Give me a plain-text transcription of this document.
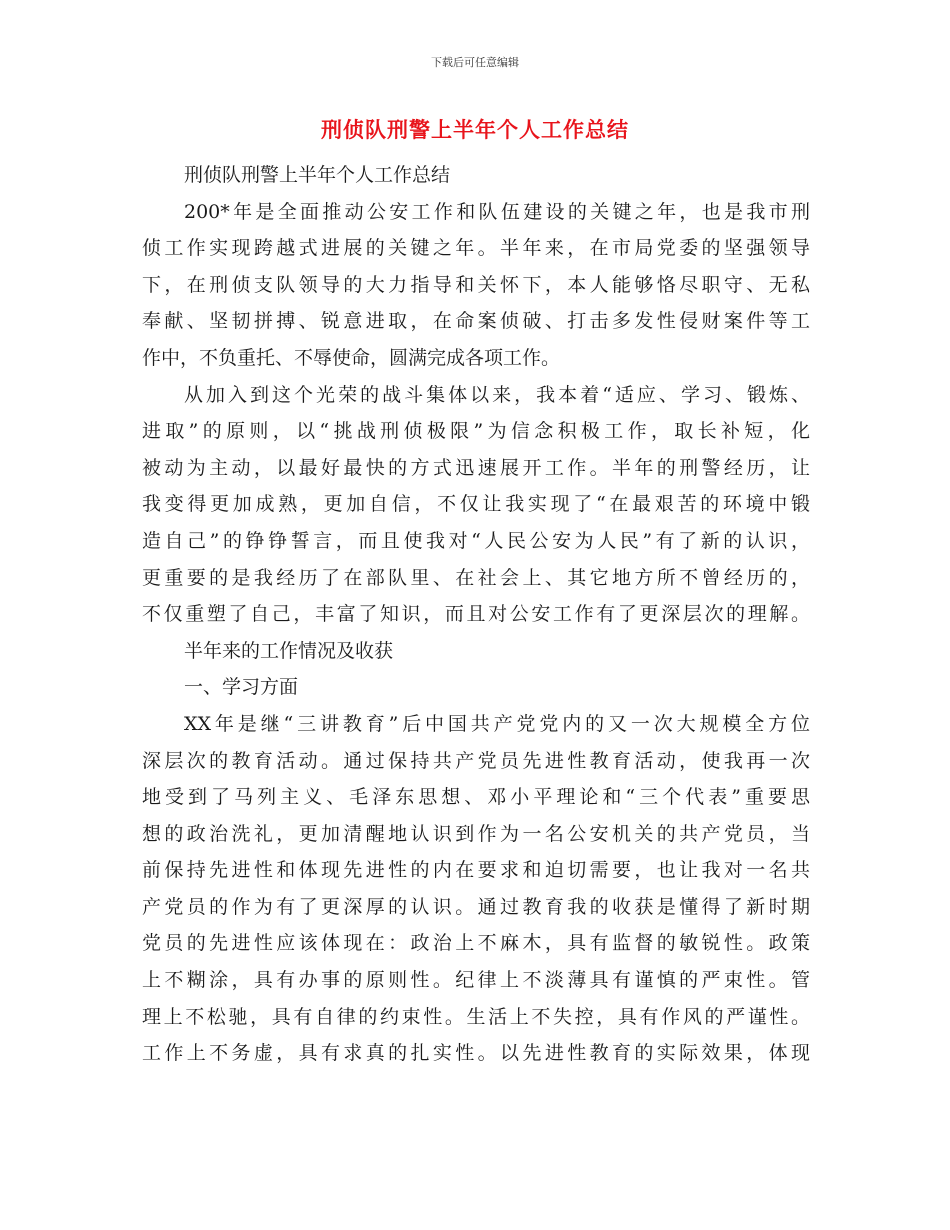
下载后可任意编辑
刑侦队刑警上半年个人工作总结
刑侦队刑警上半年个人工作总结
200*年是全面推动公安工作和队伍建设的关键之年，也是我市刑
侦工作实现跨越式进展的关键之年。半年来，在市局党委的坚强领导
下，在刑侦支队领导的大力指导和关怀下，本人能够恪尽职守、无私
奉献、坚韧拼搏、锐意进取，在命案侦破、打击多发性侵财案件等工
作中，不负重托、不辱使命，圆满完成各项工作。
从加入到这个光荣的战斗集体以来，我本着“适应、学习、锻炼、
进取”的原则，以“挑战刑侦极限”为信念积极工作，取长补短，化
被动为主动，以最好最快的方式迅速展开工作。半年的刑警经历，让
我变得更加成熟，更加自信，不仅让我实现了“在最艰苦的环境中锻
造自己”的铮铮誓言，而且使我对“人民公安为人民”有了新的认识，
更重要的是我经历了在部队里、在社会上、其它地方所不曾经历的，
不仅重塑了自己，丰富了知识，而且对公安工作有了更深层次的理解。
半年来的工作情况及收获
一、学习方面
XX年是继“三讲教育”后中国共产党党内的又一次大规模全方位
深层次的教育活动。通过保持共产党员先进性教育活动，使我再一次
地受到了马列主义、毛泽东思想、邓小平理论和“三个代表”重要思
想的政治洗礼，更加清醒地认识到作为一名公安机关的共产党员，当
前保持先进性和体现先进性的内在要求和迫切需要，也让我对一名共
产党员的作为有了更深厚的认识。通过教育我的收获是懂得了新时期
党员的先进性应该体现在：政治上不麻木，具有监督的敏锐性。政策
上不糊涂，具有办事的原则性。纪律上不淡薄具有谨慎的严束性。管
理上不松驰，具有自律的约束性。生活上不失控，具有作风的严谨性。
工作上不务虚，具有求真的扎实性。以先进性教育的实际效果，体现
